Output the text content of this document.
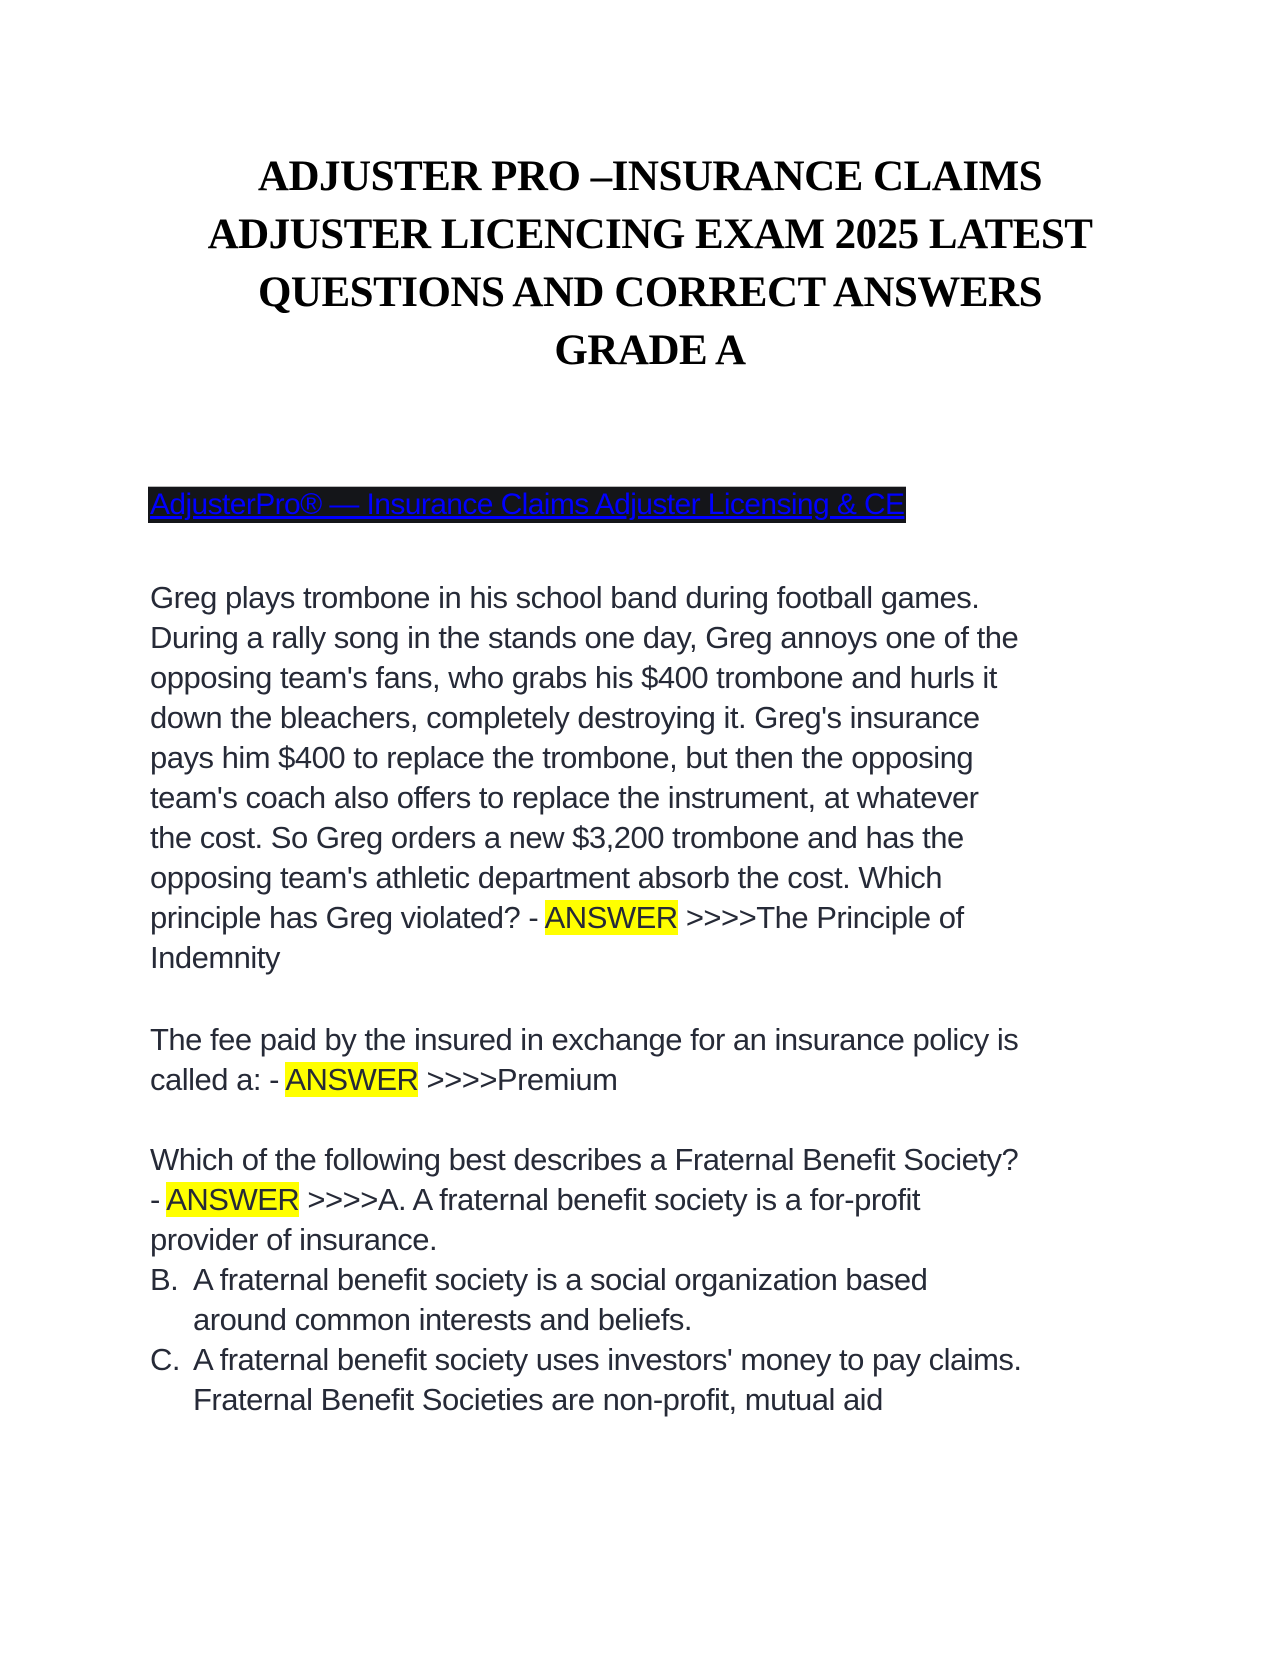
ADJUSTER PRO –INSURANCE CLAIMS
ADJUSTER LICENCING EXAM 2025 LATEST
QUESTIONS AND CORRECT ANSWERS
GRADE A
AdjusterPro® — Insurance Claims Adjuster Licensing & CE
Greg plays trombone in his school band during football games.
During a rally song in the stands one day, Greg annoys one of the
opposing team's fans, who grabs his $400 trombone and hurls it
down the bleachers, completely destroying it. Greg's insurance
pays him $400 to replace the trombone, but then the opposing
team's coach also offers to replace the instrument, at whatever
the cost. So Greg orders a new $3,200 trombone and has the
opposing team's athletic department absorb the cost. Which
principle has Greg violated? - ANSWER >>>>The Principle of
Indemnity
The fee paid by the insured in exchange for an insurance policy is
called a: - ANSWER >>>>Premium
Which of the following best describes a Fraternal Benefit Society?
- ANSWER >>>>A. A fraternal benefit society is a for-profit
provider of insurance.
B. A fraternal benefit society is a social organization based
around common interests and beliefs.
C. A fraternal benefit society uses investors' money to pay claims.
Fraternal Benefit Societies are non-profit, mutual aid
